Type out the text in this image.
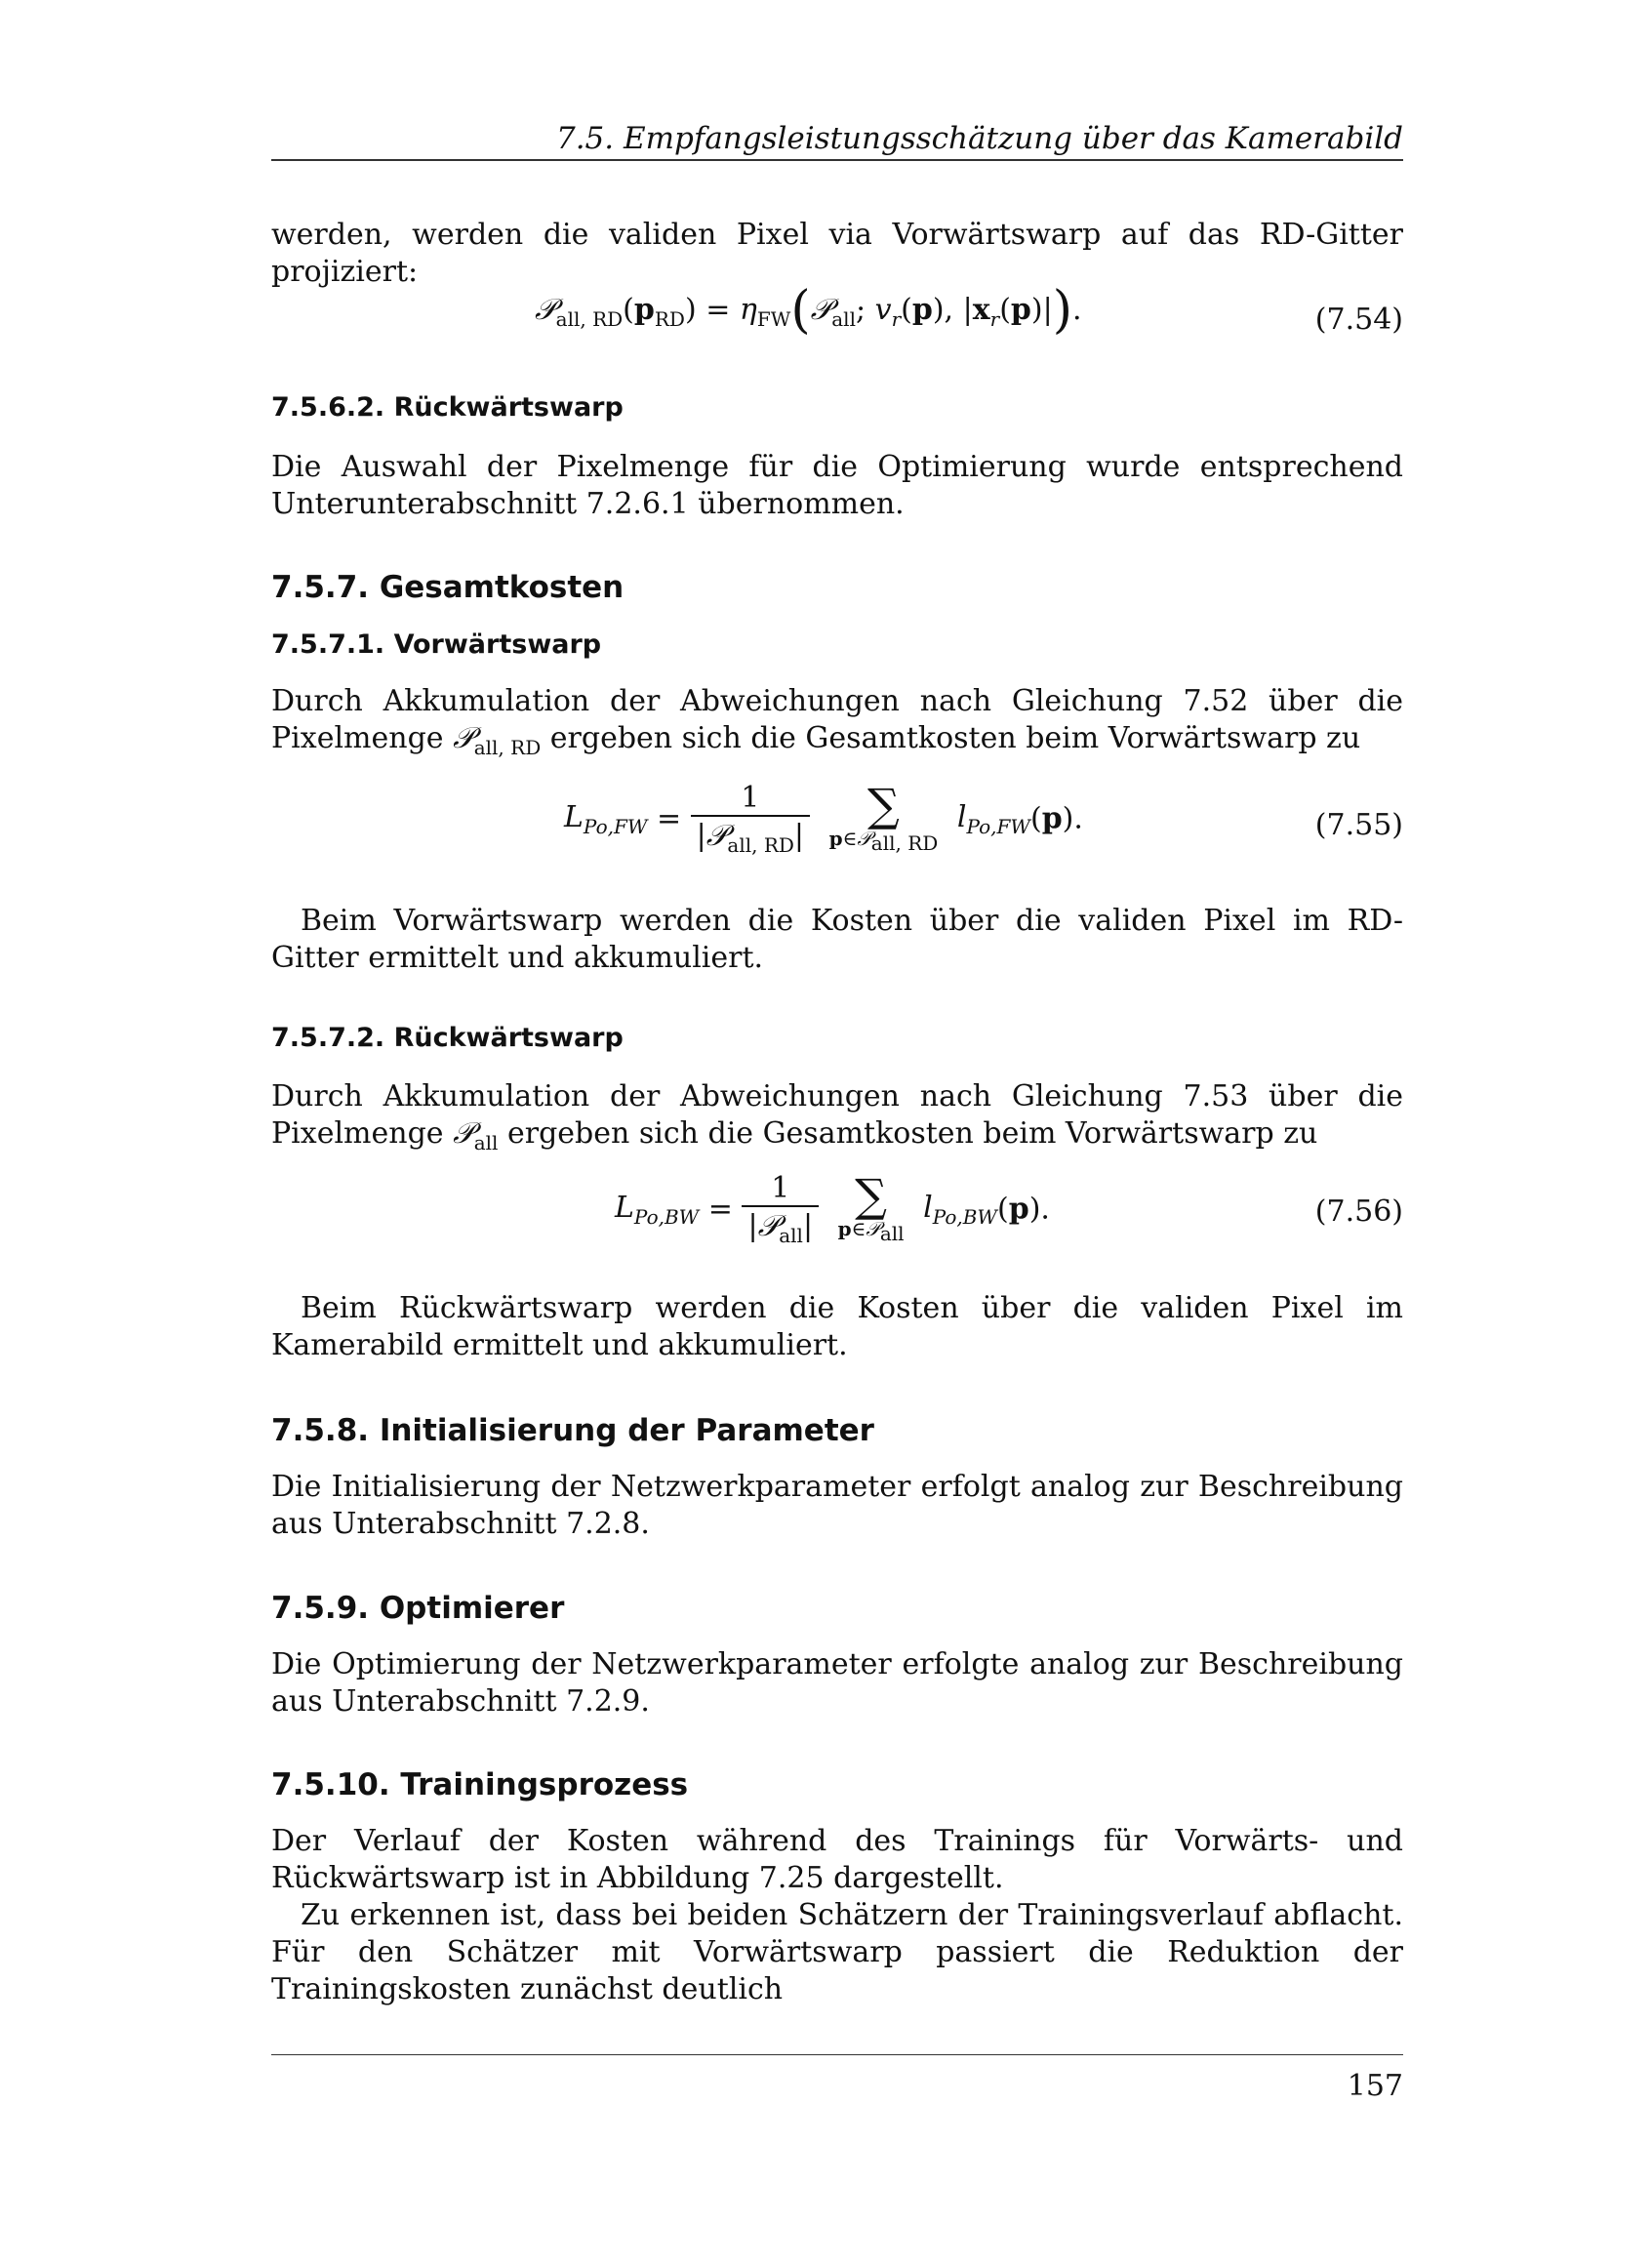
7.5. Empfangsleistungsschätzung über das Kamerabild
werden, werden die validen Pixel via Vorwärtswarp auf das RD-Gitter projiziert:
$𝒫_{all, RD}(p_{RD})$ = $\eta_{FW}(𝒫_{all}$; $v_r(p)$, $|x_r(p)|$).	(7.54)
7.5.6.2. Rückwärtswarp
Die Auswahl der Pixelmenge für die Optimierung wurde entsprechend Unterunterabschnitt 7.2.6.1 übernommen.
7.5.7. Gesamtkosten
7.5.7.1. Vorwärtswarp
Durch Akkumulation der Abweichungen nach Gleichung 7.52 über die Pixelmenge 𝒫$_{all, RD}$ ergeben sich die Gesamtkosten beim Vorwärtswarp zu
$L_{Po,FW} = \frac{1}{|𝒫_{all, RD}|}$
	∑
p∈𝒫$_{all, RD}$
$l_{Po,FW}(p)$.	(7.55)
Beim Vorwärtswarp werden die Kosten über die validen Pixel im RD-Gitter ermittelt und akkumuliert.
7.5.7.2. Rückwärtswarp
Durch Akkumulation der Abweichungen nach Gleichung 7.53 über die Pixelmenge 𝒫$_{all}$ ergeben sich die Gesamtkosten beim Vorwärtswarp zu
$L_{Po,BW} = \frac{1}{|𝒫_{all}|}$
∑
p∈𝒫$_{all}$
$l_{Po,BW}(p)$.	(7.56)
Beim Rückwärtswarp werden die Kosten über die validen Pixel im Kamerabild ermittelt und akkumuliert.
7.5.8. Initialisierung der Parameter
Die Initialisierung der Netzwerkparameter erfolgt analog zur Beschreibung aus Unterabschnitt 7.2.8.
7.5.9. Optimierer
Die Optimierung der Netzwerkparameter erfolgte analog zur Beschreibung aus Unterabschnitt 7.2.9.
7.5.10. Trainingsprozess
Der Verlauf der Kosten während des Trainings für Vorwärts- und Rückwärtswarp ist in Abbildung 7.25 dargestellt.
Zu erkennen ist, dass bei beiden Schätzern der Trainingsverlauf abflacht. Für den Schätzer mit Vorwärtswarp passiert die Reduktion der Trainingskosten zunächst deutlich
157
